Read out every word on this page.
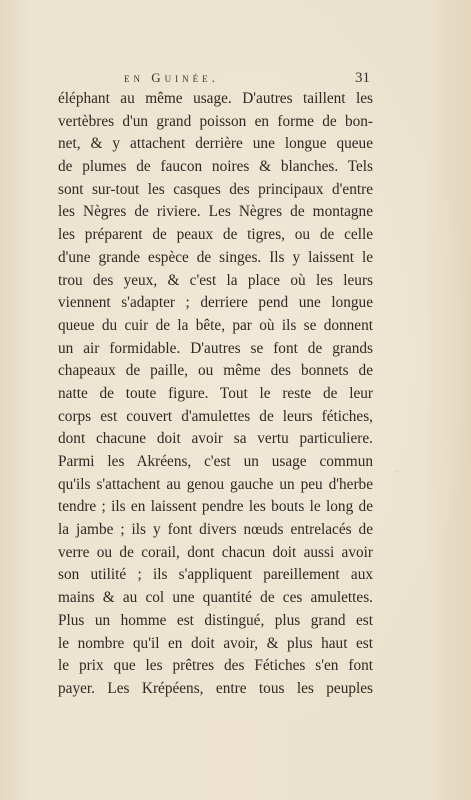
en Guinée.	31
éléphant au même usage. D'autres taillent les
vertèbres d'un grand poisson en forme de bon-
net, & y attachent derrière une longue queue
de plumes de faucon noires & blanches. Tels
sont sur-tout les casques des principaux d'entre
les Nègres de riviere. Les Nègres de montagne
les préparent de peaux de tigres, ou de celle
d'une grande espèce de singes. Ils y laissent le
trou des yeux, & c'est la place où les leurs
viennent s'adapter ; derriere pend une longue
queue du cuir de la bête, par où ils se donnent
un air formidable. D'autres se font de grands
chapeaux de paille, ou même des bonnets de
natte de toute figure. Tout le reste de leur
corps est couvert d'amulettes de leurs fétiches,
dont chacune doit avoir sa vertu particuliere.
Parmi les Akréens, c'est un usage commun
qu'ils s'attachent au genou gauche un peu d'herbe
tendre ; ils en laissent pendre les bouts le long de
la jambe ; ils y font divers nœuds entrelacés de
verre ou de corail, dont chacun doit aussi avoir
son utilité ; ils s'appliquent pareillement aux
mains & au col une quantité de ces amulettes.
Plus un homme est distingué, plus grand est
le nombre qu'il en doit avoir, & plus haut est
le prix que les prêtres des Fétiches s'en font
payer. Les Krépéens, entre tous les peuples
